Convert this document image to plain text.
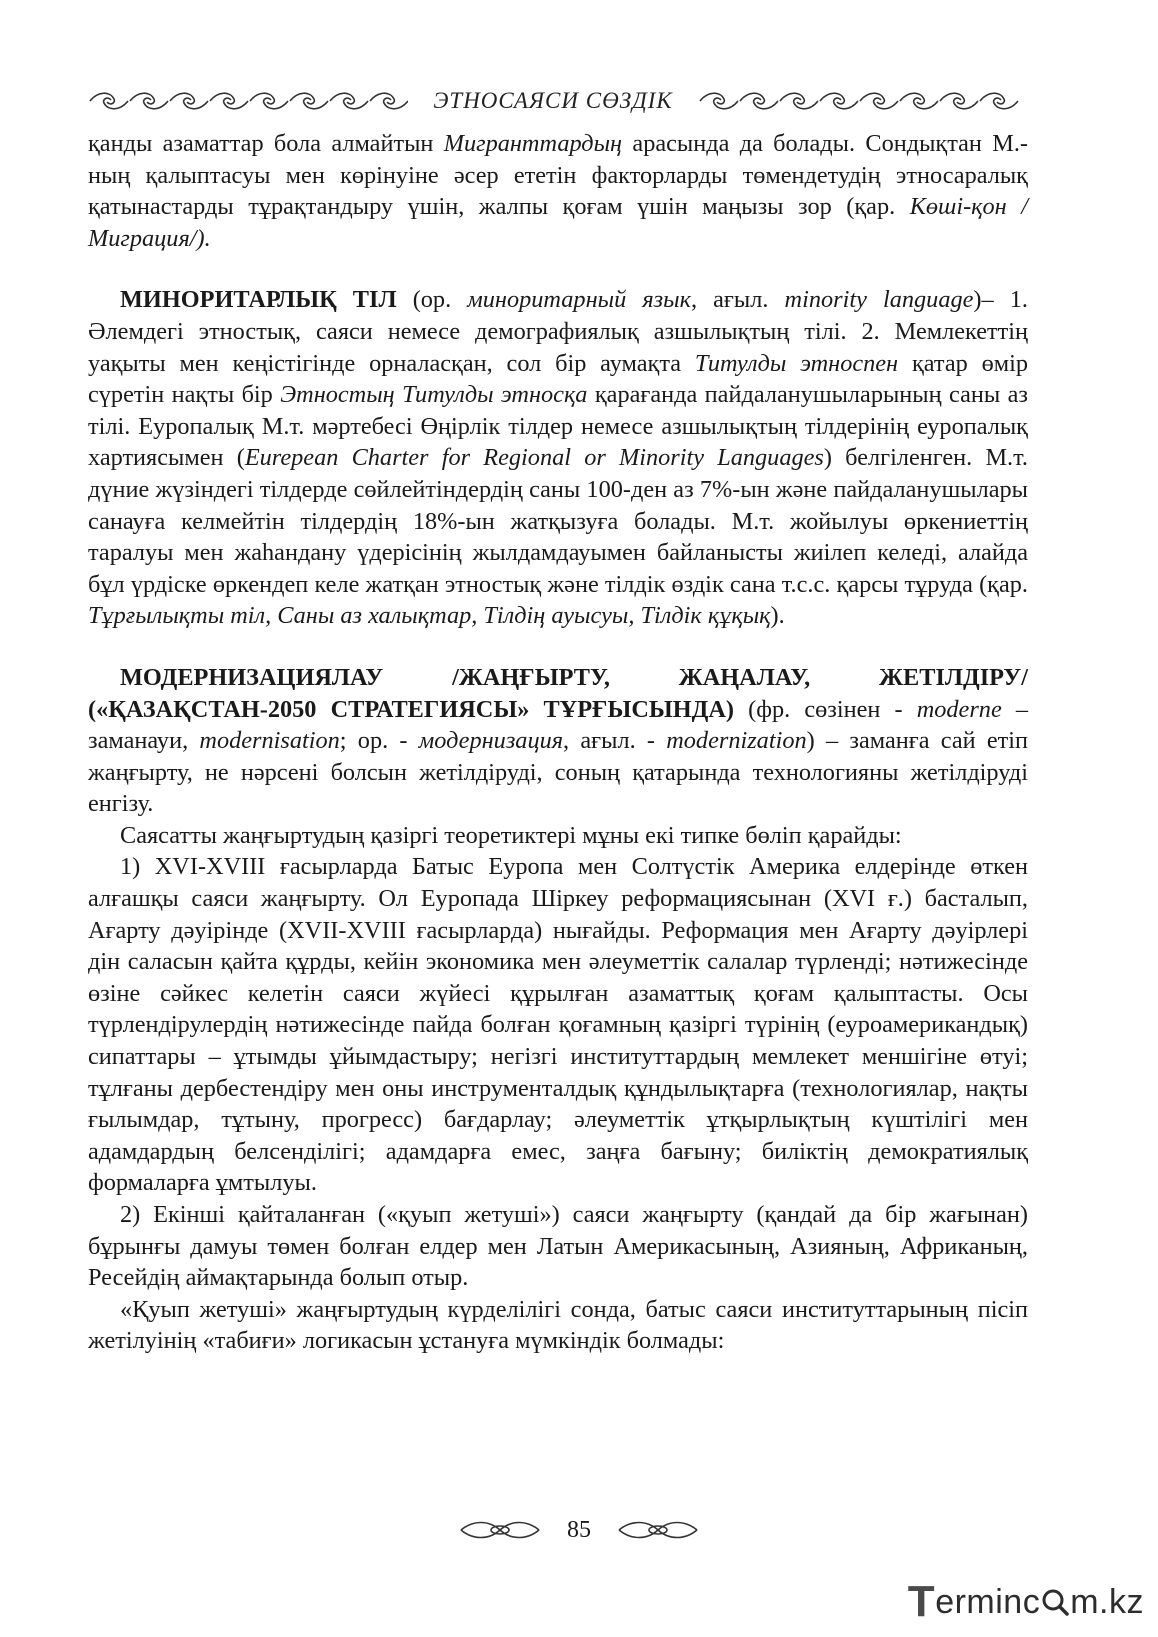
ЭТНОСАЯСИ СӨЗДІК

қанды азаматтар бола алмайтын Мигранттардың арасында да болады. Сондықтан М.-ның қалыптасуы мен көрінуіне әсер ететін факторларды төмендетудің этносаралық қатынастарды тұрақтандыру үшін, жалпы қоғам үшін маңызы зор (қар. Көші-қон /Миграция/).

МИНОРИТАРЛЫҚ ТІЛ (ор. миноритарный язык, ағыл. minority language)– 1. Әлемдегі этностық, саяси немесе демографиялық азшылықтың тілі. 2. Мемлекеттің уақыты мен кеңістігінде орналасқан, сол бір аумақта Титулды этноспен қатар өмір сүретін нақты бір Этностың Титулды этносқа қарағанда пайдаланушыларының саны аз тілі. Еуропалық М.т. мәртебесі Өңірлік тілдер немесе азшылықтың тілдерінің еуропалық хартиясымен (Eurepean Charter for Regional or Minority Languages) белгіленген. М.т. дүние жүзіндегі тілдерде сөйлейтіндердің саны 100-ден аз 7%-ын және пайдаланушылары санауға келмейтін тілдердің 18%-ын жатқызуға болады. М.т. жойылуы өркениеттің таралуы мен жаһандану үдерісінің жылдамдауымен байланысты жиілеп келеді, алайда бұл үрдіске өркендеп келе жатқан этностық және тілдік өздік сана т.с.с. қарсы тұруда (қар. Тұрғылықты тіл, Саны аз халықтар, Тілдің ауысуы, Тілдік құқық).

МОДЕРНИЗАЦИЯЛАУ /ЖАҢҒЫРТУ, ЖАҢАЛАУ, ЖЕТІЛДІРУ/ («ҚАЗАҚСТАН-2050 СТРАТЕГИЯСЫ» ТҰРҒЫСЫНДА) (фр. сөзінен - moderne – заманауи, modernisation; ор. - модернизация, ағыл. - modernization) – заманға сай етіп жаңғырту, не нәрсені болсын жетілдіруді, соның қатарында технологияны жетілдіруді енгізу.

Саясатты жаңғыртудың қазіргі теоретиктері мұны екі типке бөліп қарайды:

1) XVI-XVIII ғасырларда Батыс Еуропа мен Солтүстік Америка елдерінде өткен алғашқы саяси жаңғырту. Ол Еуропада Шіркеу реформациясынан (XVI ғ.) басталып, Ағарту дәуірінде (XVII-XVIII ғасырларда) нығайды. Реформация мен Ағарту дәуірлері дін саласын қайта құрды, кейін экономика мен әлеуметтік салалар түрленді; нәтижесінде өзіне сәйкес келетін саяси жүйесі құрылған азаматтық қоғам қалыптасты. Осы түрлендірулердің нәтижесінде пайда болған қоғамның қазіргі түрінің (еуроамерикандық) сипаттары – ұтымды ұйымдастыру; негізгі институттардың мемлекет меншігіне өтуі; тұлғаны дербестендіру мен оны инструменталдық құндылықтарға (технологиялар, нақты ғылымдар, тұтыну, прогресс) бағдарлау; әлеуметтік ұтқырлықтың күштілігі мен адамдардың белсенділігі; адамдарға емес, заңға бағыну; биліктің демократиялық формаларға ұмтылуы.

2) Екінші қайталанған («қуып жетуші») саяси жаңғырту (қандай да бір жағынан) бұрынғы дамуы төмен болған елдер мен Латын Америкасының, Азияның, Африканың, Ресейдің аймақтарында болып отыр.

«Қуып жетуші» жаңғыртудың күрделілігі сонда, батыс саяси институттарының пісіп жетілуінің «табиғи» логикасын ұстануға мүмкіндік болмады:

85
T erminc m.kz
